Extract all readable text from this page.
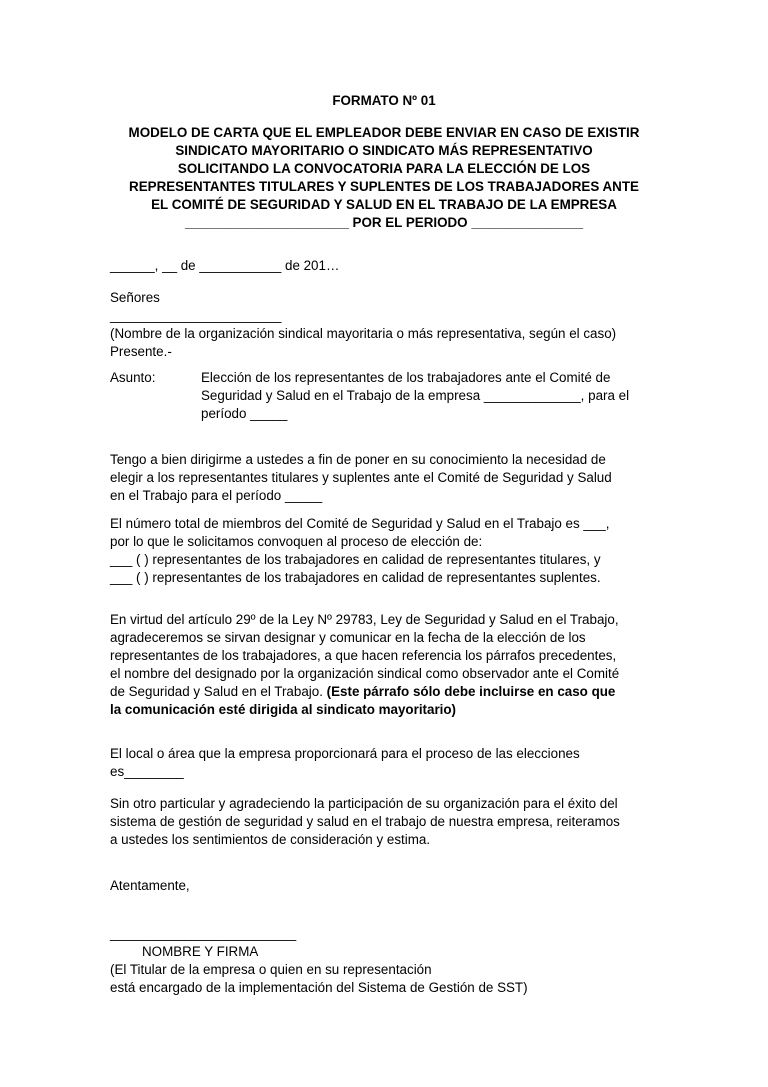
FORMATO Nº 01
MODELO DE CARTA QUE EL EMPLEADOR DEBE ENVIAR EN CASO DE EXISTIR
SINDICATO MAYORITARIO O SINDICATO MÁS REPRESENTATIVO
SOLICITANDO LA CONVOCATORIA PARA LA ELECCIÓN DE LOS
REPRESENTANTES TITULARES Y SUPLENTES DE LOS TRABAJADORES ANTE
EL COMITÉ DE SEGURIDAD Y SALUD EN EL TRABAJO DE LA EMPRESA
______________________ POR EL PERIODO _______________
______, __ de ___________ de 201…
Señores
_______________________
(Nombre de la organización sindical mayoritaria o más representativa, según el caso)
Presente.-
Asunto:	Elección de los representantes de los trabajadores ante el Comité de
Seguridad y Salud en el Trabajo de la empresa _____________, para el
período _____
Tengo a bien dirigirme a ustedes a fin de poner en su conocimiento la necesidad de
elegir a los representantes titulares y suplentes ante el Comité de Seguridad y Salud
en el Trabajo para el período _____
El número total de miembros del Comité de Seguridad y Salud en el Trabajo es ___,
por lo que le solicitamos convoquen al proceso de elección de:
___ ( ) representantes de los trabajadores en calidad de representantes titulares, y
___ ( ) representantes de los trabajadores en calidad de representantes suplentes.
En virtud del artículo 29º de la Ley Nº 29783, Ley de Seguridad y Salud en el Trabajo,
agradeceremos se sirvan designar y comunicar en la fecha de la elección de los
representantes de los trabajadores, a que hacen referencia los párrafos precedentes,
el nombre del designado por la organización sindical como observador ante el Comité
de Seguridad y Salud en el Trabajo. (Este párrafo sólo debe incluirse en caso que
la comunicación esté dirigida al sindicato mayoritario)
El local o área que la empresa proporcionará para el proceso de las elecciones
es________
Sin otro particular y agradeciendo la participación de su organización para el éxito del
sistema de gestión de seguridad y salud en el trabajo de nuestra empresa, reiteramos
a ustedes los sentimientos de consideración y estima.
Atentamente,
_________________________
NOMBRE Y FIRMA
(El Titular de la empresa o quien en su representación
está encargado de la implementación del Sistema de Gestión de SST)
